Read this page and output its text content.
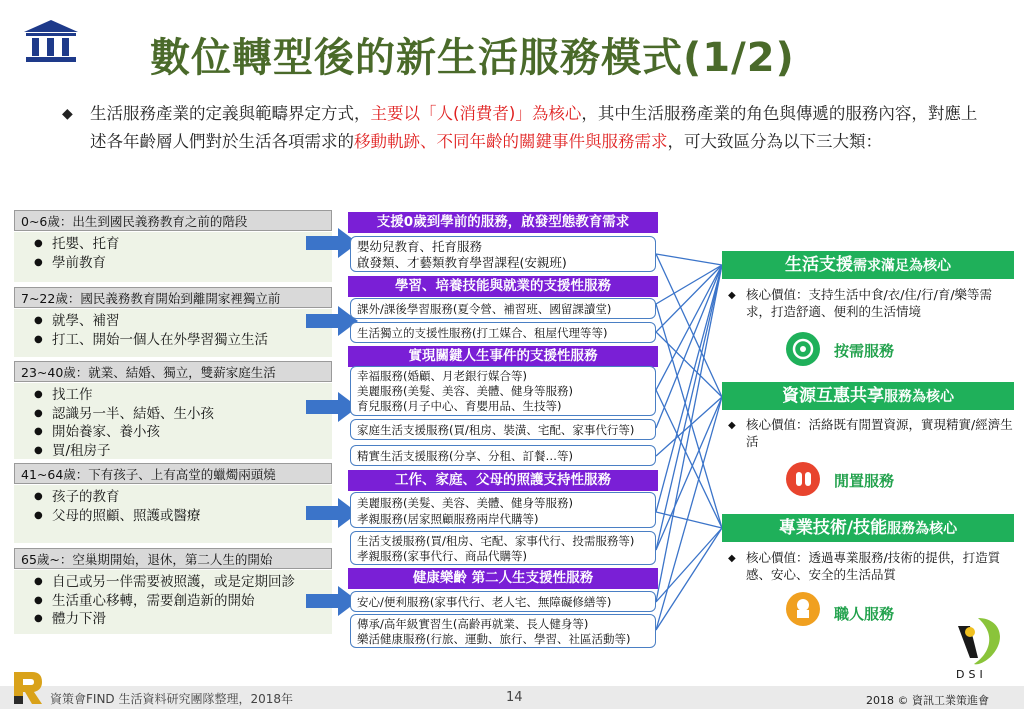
數位轉型後的新生活服務模式(1/2)
◆ 生活服務產業的定義與範疇界定方式，主要以「人(消費者)」為核心，其中生活服務產業的角色與傳遞的服務內容，對應上述各年齡層人們對於生活各項需求的移動軌跡、不同年齡的關鍵事件與服務需求，可大致區分為以下三大類：
0~6歲：出生到國民義務教育之前的階段
● 托嬰、托育
● 學前教育
7~22歲：國民義務教育開始到離開家裡獨立前
● 就學、補習
● 打工、開始一個人在外學習獨立生活
23~40歲：就業、結婚、獨立，雙薪家庭生活
● 找工作
● 認識另一半、結婚、生小孩
● 開始養家、養小孩
● 買/租房子
41~64歲：下有孩子、上有高堂的蠟燭兩頭燒
● 孩子的教育
● 父母的照顧、照護或醫療
65歲~：空巢期開始，退休，第二人生的開始
● 自己或另一伴需要被照護，或是定期回診
● 生活重心移轉，需要創造新的開始
● 體力下滑
支援0歲到學前的服務，啟發型態教育需求
嬰幼兒教育、托育服務
啟發類、才藝類教育學習課程(安親班)
學習、培養技能與就業的支援性服務
課外/課後學習服務(夏令營、補習班、國留課讀堂)
生活獨立的支援性服務(打工媒合、租屋代理等等)
實現關鍵人生事件的支援性服務
幸福服務(婚顧、月老銀行媒合等)
美麗服務(美髮、美容、美體、健身等服務)
育兒服務(月子中心、育嬰用品、生技等)
家庭生活支援服務(買/租房、裝潢、宅配、家事代行等)
精實生活支援服務(分享、分租、訂餐…等)
工作、家庭、父母的照護支持性服務
美麗服務(美髮、美容、美體、健身等服務)
孝親服務(居家照顧服務兩岸代購等)
生活支援服務(買/租房、宅配、家事代行、投需服務等)
孝親服務(家事代行、商品代購等)
健康樂齡 第二人生支援性服務
安心/便利服務(家事代行、老人宅、無障礙修繕等)
傳承/高年級實習生(高齡再就業、長人健身等)
樂活健康服務(行旅、運動、旅行、學習、社區活動等)
生活支援需求滿足為核心
◆ 核心價值：支持生活中食/衣/住/行/育/樂等需求，打造舒適、便利的生活情境
按需服務
資源互惠共享服務為核心
◆ 核心價值：活絡既有閒置資源，實現精實/經濟生活
閒置服務
專業技術/技能服務為核心
◆ 核心價值：透過專業服務/技術的提供，打造質感、安心、安全的生活品質
職人服務
DSI
資策會FIND 生活資料研究團隊整理，2018年	14	2018 © 資訊工業策進會
